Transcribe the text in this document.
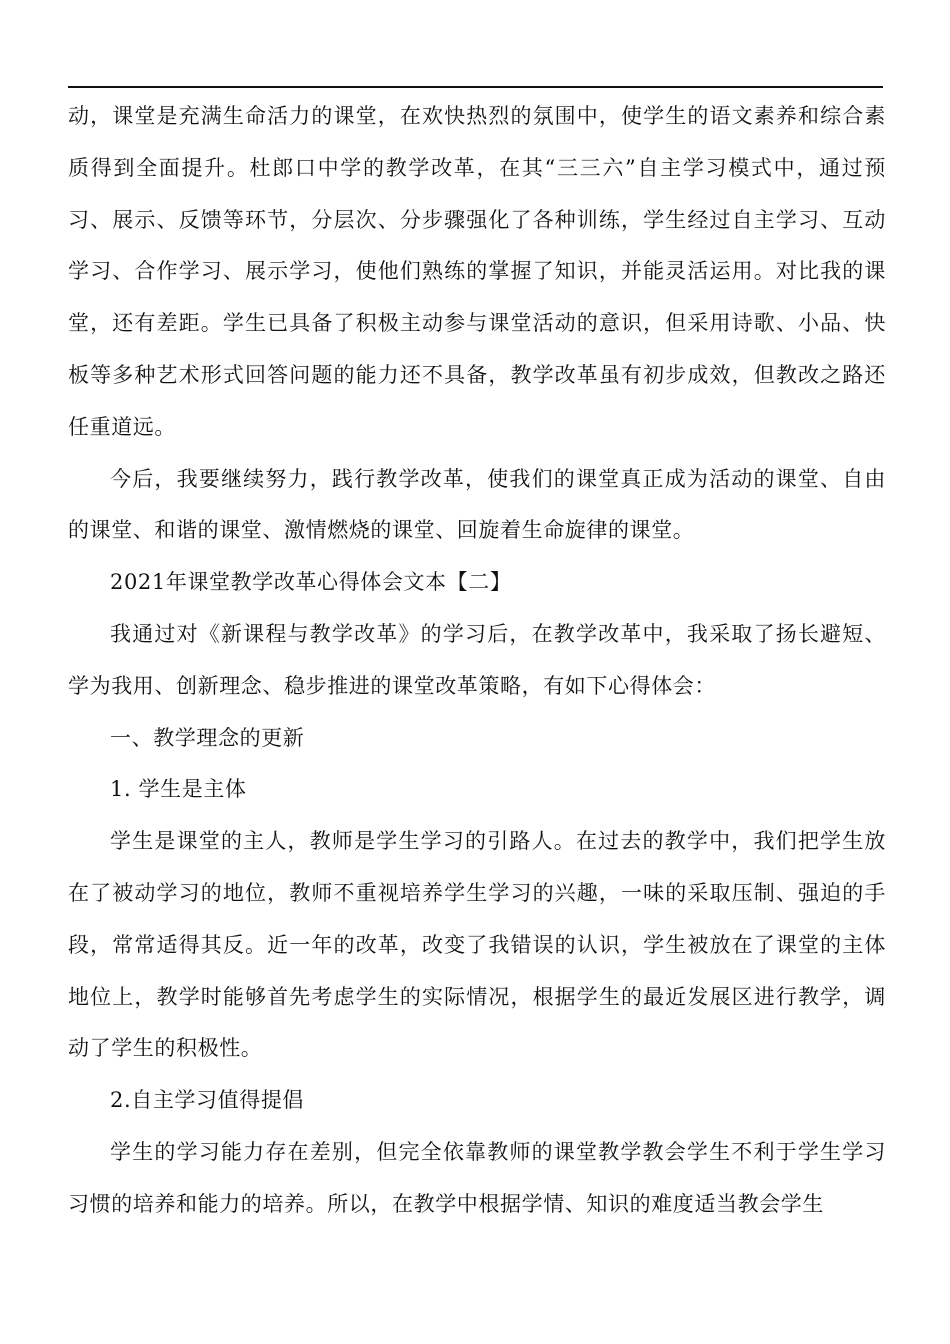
动，课堂是充满生命活力的课堂，在欢快热烈的氛围中，使学生的语文素养和综合素质得到全面提升。杜郎口中学的教学改革，在其“三三六”自主学习模式中，通过预习、展示、反馈等环节，分层次、分步骤强化了各种训练，学生经过自主学习、互动学习、合作学习、展示学习，使他们熟练的掌握了知识，并能灵活运用。对比我的课堂，还有差距。学生已具备了积极主动参与课堂活动的意识，但采用诗歌、小品、快板等多种艺术形式回答问题的能力还不具备，教学改革虽有初步成效，但教改之路还任重道远。

今后，我要继续努力，践行教学改革，使我们的课堂真正成为活动的课堂、自由的课堂、和谐的课堂、激情燃烧的课堂、回旋着生命旋律的课堂。

2021年课堂教学改革心得体会文本【二】

我通过对《新课程与教学改革》的学习后，在教学改革中，我采取了扬长避短、学为我用、创新理念、稳步推进的课堂改革策略，有如下心得体会：

一、教学理念的更新

1. 学生是主体

学生是课堂的主人，教师是学生学习的引路人。在过去的教学中，我们把学生放在了被动学习的地位，教师不重视培养学生学习的兴趣，一味的采取压制、强迫的手段，常常适得其反。近一年的改革，改变了我错误的认识，学生被放在了课堂的主体地位上，教学时能够首先考虑学生的实际情况，根据学生的最近发展区进行教学，调动了学生的积极性。

2.自主学习值得提倡

学生的学习能力存在差别，但完全依靠教师的课堂教学教会学生不利于学生学习习惯的培养和能力的培养。所以，在教学中根据学情、知识的难度适当教会学生
